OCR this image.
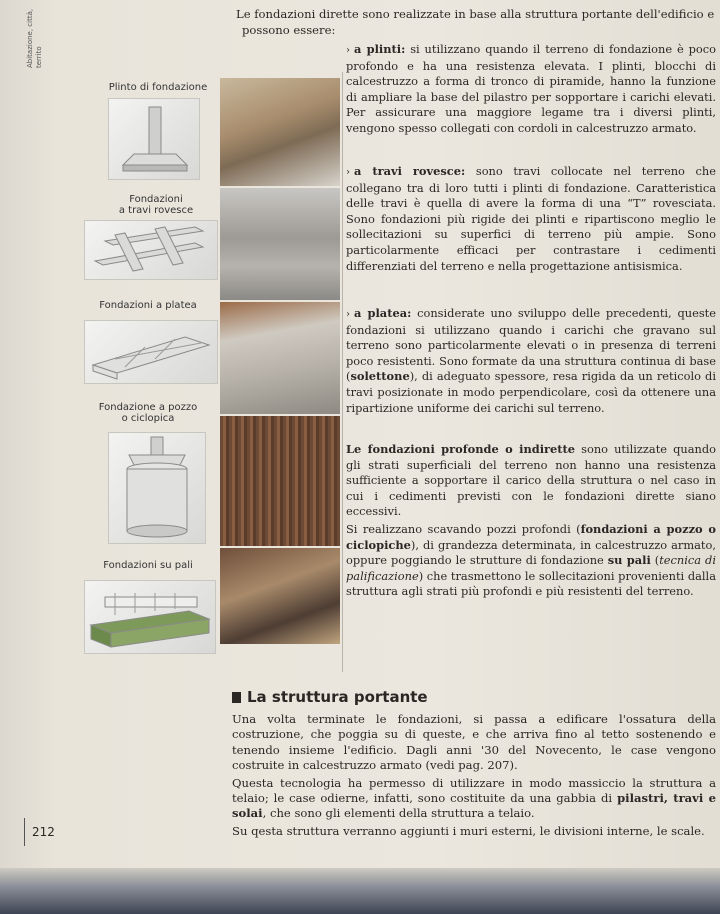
Abitazione, città, territo
Le fondazioni dirette sono realizzate in base alla struttura portante dell'edificio e
possono essere:
Plinto di fondazione
Fondazioni
a travi rovesce
Fondazioni a platea
Fondazione a pozzo
o ciclopica
Fondazioni su pali

› a plinti: si utilizzano quando il terreno di fondazione è poco profondo e ha una resistenza elevata. I plinti, blocchi di calcestruzzo a forma di tronco di piramide, hanno la funzione di ampliare la base del pilastro per sopportare i carichi elevati. Per assicurare una maggiore legame tra i diversi plinti, vengono spesso collegati con cordoli in calcestruzzo armato.

› a travi rovesce: sono travi collocate nel terreno che collegano tra di loro tutti i plinti di fondazione. Caratteristica delle travi è quella di avere la forma di una “T” rovesciata. Sono fondazioni più rigide dei plinti e ripartiscono meglio le sollecitazioni su superfici di terreno più ampie. Sono particolarmente efficaci per contrastare i cedimenti differenziati del terreno e nella progettazione antisismica.

› a platea: considerate uno sviluppo delle precedenti, queste fondazioni si utilizzano quando i carichi che gravano sul terreno sono particolarmente elevati o in presenza di terreni poco resistenti. Sono formate da una struttura continua di base (solettone), di adeguato spessore, resa rigida da un reticolo di travi posizionate in modo perpendicolare, così da ottenere una ripartizione uniforme dei carichi sul terreno.

Le fondazioni profonde o indirette sono utilizzate quando gli strati superficiali del terreno non hanno una resistenza sufficiente a sopportare il carico della struttura o nel caso in cui i cedimenti previsti con le fondazioni dirette siano eccessivi.

Si realizzano scavando pozzi profondi (fondazioni a pozzo o ciclopiche), di grandezza determinata, in calcestruzzo armato, oppure poggiando le strutture di fondazione su pali (tecnica di palificazione) che trasmettono le sollecitazioni provenienti dalla struttura agli strati più profondi e più resistenti del terreno.

La struttura portante

Una volta terminate le fondazioni, si passa a edificare l'ossatura della costruzione, che poggia su di queste, e che arriva fino al tetto sostenendo e tenendo insieme l'edificio. Dagli anni '30 del Novecento, le case vengono costruite in calcestruzzo armato (vedi pag. 207).

Questa tecnologia ha permesso di utilizzare in modo massiccio la struttura a telaio; le case odierne, infatti, sono costituite da una gabbia di pilastri, travi e solai, che sono gli elementi della struttura a telaio.

Su qesta struttura verranno aggiunti i muri esterni, le divisioni interne, le scale.

212
